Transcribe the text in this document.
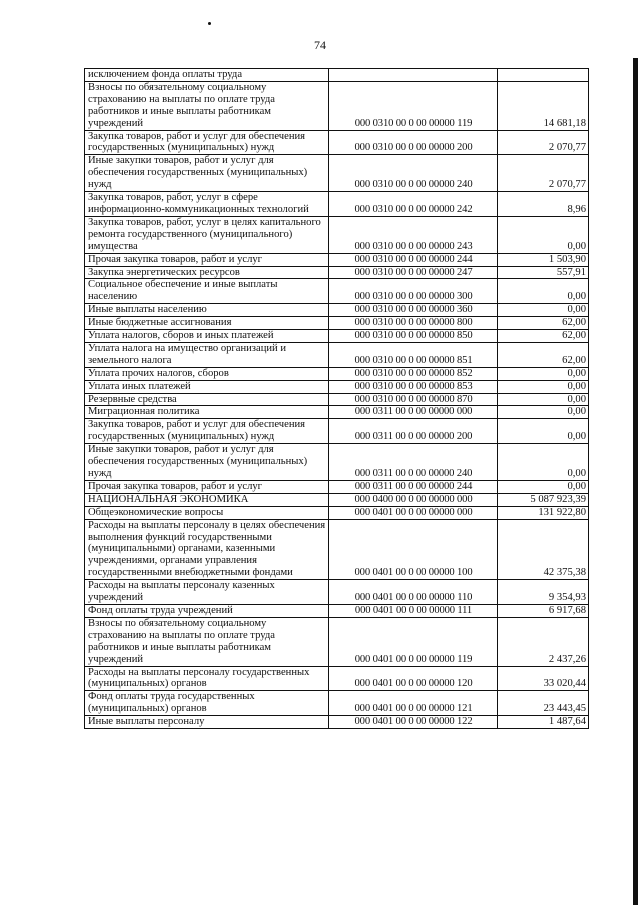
74
исключением фонда оплаты труда		
Взносы по обязательному социальному страхованию на выплаты по оплате труда работников и иные выплаты работникам учреждений	000 0310 00 0 00 00000 119	14 681,18
Закупка товаров, работ и услуг для обеспечения государственных (муниципальных) нужд	000 0310 00 0 00 00000 200	2 070,77
Иные закупки товаров, работ и услуг для обеспечения государственных (муниципальных) нужд	000 0310 00 0 00 00000 240	2 070,77
Закупка товаров, работ, услуг в сфере информационно-коммуникационных технологий	000 0310 00 0 00 00000 242	8,96
Закупка товаров, работ, услуг в целях капитального ремонта государственного (муниципального) имущества	000 0310 00 0 00 00000 243	0,00
Прочая закупка товаров, работ и услуг	000 0310 00 0 00 00000 244	1 503,90
Закупка энергетических ресурсов	000 0310 00 0 00 00000 247	557,91
Социальное обеспечение и иные выплаты населению	000 0310 00 0 00 00000 300	0,00
Иные выплаты населению	000 0310 00 0 00 00000 360	0,00
Иные бюджетные ассигнования	000 0310 00 0 00 00000 800	62,00
Уплата налогов, сборов и иных платежей	000 0310 00 0 00 00000 850	62,00
Уплата налога на имущество организаций и земельного налога	000 0310 00 0 00 00000 851	62,00
Уплата прочих налогов, сборов	000 0310 00 0 00 00000 852	0,00
Уплата иных платежей	000 0310 00 0 00 00000 853	0,00
Резервные средства	000 0310 00 0 00 00000 870	0,00
Миграционная политика	000 0311 00 0 00 00000 000	0,00
Закупка товаров, работ и услуг для обеспечения государственных (муниципальных) нужд	000 0311 00 0 00 00000 200	0,00
Иные закупки товаров, работ и услуг для обеспечения государственных (муниципальных) нужд	000 0311 00 0 00 00000 240	0,00
Прочая закупка товаров, работ и услуг	000 0311 00 0 00 00000 244	0,00
НАЦИОНАЛЬНАЯ ЭКОНОМИКА	000 0400 00 0 00 00000 000	5 087 923,39
Общеэкономические вопросы	000 0401 00 0 00 00000 000	131 922,80
Расходы на выплаты персоналу в целях обеспечения выполнения функций государственными (муниципальными) органами, казенными учреждениями, органами управления государственными внебюджетными фондами	000 0401 00 0 00 00000 100	42 375,38
Расходы на выплаты персоналу казенных учреждений	000 0401 00 0 00 00000 110	9 354,93
Фонд оплаты труда учреждений	000 0401 00 0 00 00000 111	6 917,68
Взносы по обязательному социальному страхованию на выплаты по оплате труда работников и иные выплаты работникам учреждений	000 0401 00 0 00 00000 119	2 437,26
Расходы на выплаты персоналу государственных (муниципальных) органов	000 0401 00 0 00 00000 120	33 020,44
Фонд оплаты труда государственных (муниципальных) органов	000 0401 00 0 00 00000 121	23 443,45
Иные выплаты персоналу	000 0401 00 0 00 00000 122	1 487,64
